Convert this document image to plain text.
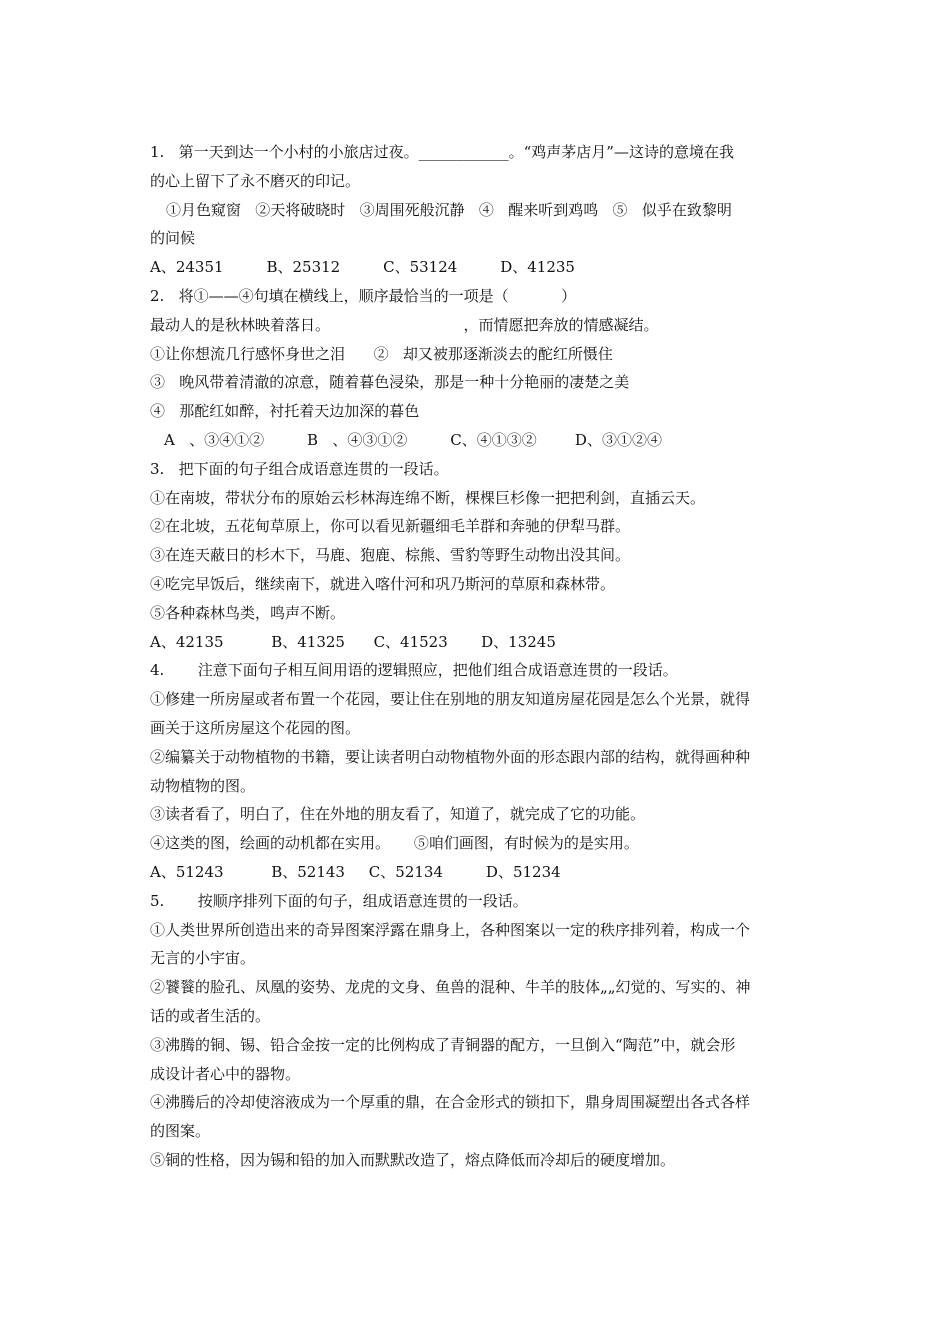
1.   第一天到达一个小村的小旅店过夜。____________。“鸡声茅店月”—这诗的意境在我
的心上留下了永不磨灭的印记。
①月色窥窗   ②天将破晓时   ③周围死般沉静   ④   醒来听到鸡鸣   ⑤   似乎在致黎明
的问候
A、24351         B、25312         C、53124         D、41235
2.   将①——④句填在横线上，顺序最恰当的一项是（           ）
最动人的是秋林映着落日。                            ，而情愿把奔放的情感凝结。
①让你想流几行感怀身世之泪      ②   却又被那逐渐淡去的酡红所慑住
③   晚风带着清澈的凉意，随着暮色浸染，那是一种十分艳丽的凄楚之美
④   那酡红如醉，衬托着天边加深的暮色
A   、③④①②         B   、④③①②         C、④①③②        D、③①②④
3.   把下面的句子组合成语意连贯的一段话。
①在南坡，带状分布的原始云杉林海连绵不断，棵棵巨杉像一把把利剑，直插云天。
②在北坡，五花甸草原上，你可以看见新疆细毛羊群和奔驰的伊犁马群。
③在连天蔽日的杉木下，马鹿、狍鹿、棕熊、雪豹等野生动物出没其间。
④吃完早饭后，继续南下，就进入喀什河和巩乃斯河的草原和森林带。
⑤各种森林鸟类，鸣声不断。
A、42135          B、41325      C、41523       D、13245
4.       注意下面句子相互间用语的逻辑照应，把他们组合成语意连贯的一段话。
①修建一所房屋或者布置一个花园，要让住在别地的朋友知道房屋花园是怎么个光景，就得
画关于这所房屋这个花园的图。
②编纂关于动物植物的书籍，要让读者明白动物植物外面的形态跟内部的结构，就得画种种
动物植物的图。
③读者看了，明白了，住在外地的朋友看了，知道了，就完成了它的功能。
④这类的图，绘画的动机都在实用。     ⑤咱们画图，有时候为的是实用。
A、51243          B、52143     C、52134         D、51234
5.       按顺序排列下面的句子，组成语意连贯的一段话。
①人类世界所创造出来的奇异图案浮露在鼎身上，各种图案以一定的秩序排列着，构成一个
无言的小宇宙。
②饕餮的脸孔、凤凰的姿势、龙虎的文身、鱼兽的混种、牛羊的肢体„„幻觉的、写实的、神
话的或者生活的。
③沸腾的铜、锡、铅合金按一定的比例构成了青铜器的配方，一旦倒入“陶范”中，就会形
成设计者心中的器物。
④沸腾后的冷却使溶液成为一个厚重的鼎，在合金形式的锁扣下，鼎身周围凝塑出各式各样
的图案。
⑤铜的性格，因为锡和铅的加入而默默改造了，熔点降低而冷却后的硬度增加。
